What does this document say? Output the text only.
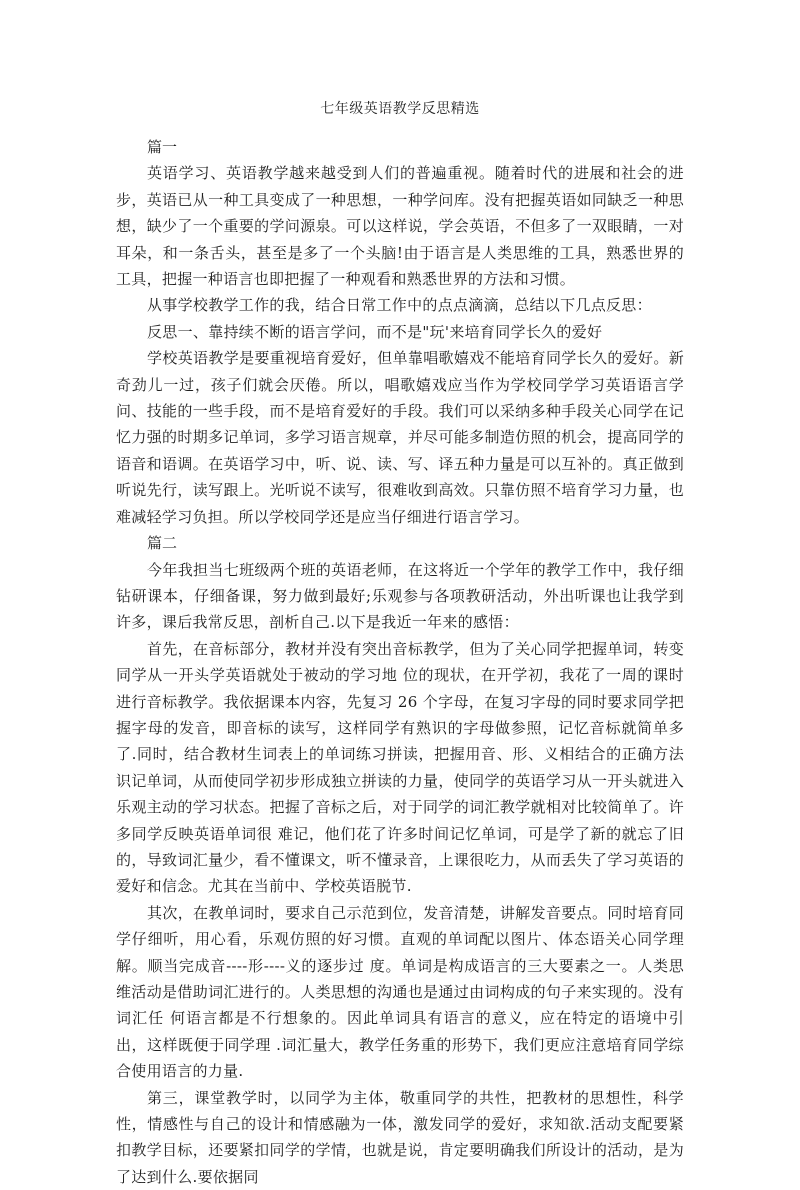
七年级英语教学反思精选
篇一

英语学习、英语教学越来越受到人们的普遍重视。随着时代的进展和社会的进步，英语已从一种工具变成了一种思想，一种学问库。没有把握英语如同缺乏一种思想，缺少了一个重要的学问源泉。可以这样说，学会英语，不但多了一双眼睛，一对耳朵，和一条舌头，甚至是多了一个头脑!由于语言是人类思维的工具，熟悉世界的工具，把握一种语言也即把握了一种观看和熟悉世界的方法和习惯。

从事学校教学工作的我，结合日常工作中的点点滴滴，总结以下几点反思：

反思一、靠持续不断的语言学问，而不是"玩'来培育同学长久的爱好

学校英语教学是要重视培育爱好，但单靠唱歌嬉戏不能培育同学长久的爱好。新奇劲儿一过，孩子们就会厌倦。所以，唱歌嬉戏应当作为学校同学学习英语语言学问、技能的一些手段，而不是培育爱好的手段。我们可以采纳多种手段关心同学在记忆力强的时期多记单词，多学习语言规章，并尽可能多制造仿照的机会，提高同学的语音和语调。在英语学习中，听、说、读、写、译五种力量是可以互补的。真正做到听说先行，读写跟上。光听说不读写，很难收到高效。只靠仿照不培育学习力量，也难减轻学习负担。所以学校同学还是应当仔细进行语言学习。

篇二

今年我担当七班级两个班的英语老师，在这将近一个学年的教学工作中，我仔细钻研课本，仔细备课，努力做到最好;乐观参与各项教研活动，外出听课也让我学到许多，课后我常反思，剖析自己.以下是我近一年来的感悟：

首先，在音标部分，教材并没有突出音标教学，但为了关心同学把握单词，转变同学从一开头学英语就处于被动的学习地 位的现状，在开学初，我花了一周的课时进行音标教学。我依据课本内容，先复习 26 个字母，在复习字母的同时要求同学把握字母的发音，即音标的读写，这样同学有熟识的字母做参照，记忆音标就简单多了.同时，结合教材生词表上的单词练习拼读，把握用音、形、义相结合的正确方法识记单词，从而使同学初步形成独立拼读的力量，使同学的英语学习从一开头就进入乐观主动的学习状态。把握了音标之后，对于同学的词汇教学就相对比较简单了。许多同学反映英语单词很 难记，他们花了许多时间记忆单词，可是学了新的就忘了旧的，导致词汇量少，看不懂课文，听不懂录音，上课很吃力，从而丢失了学习英语的爱好和信念。尤其在当前中、学校英语脱节.

其次，在教单词时，要求自己示范到位，发音清楚，讲解发音要点。同时培育同学仔细听，用心看，乐观仿照的好习惯。直观的单词配以图片、体态语关心同学理解。顺当完成音----形----义的逐步过 度。单词是构成语言的三大要素之一。人类思维活动是借助词汇进行的。人类思想的沟通也是通过由词构成的句子来实现的。没有词汇任 何语言都是不行想象的。因此单词具有语言的意义，应在特定的语境中引出，这样既便于同学理 .词汇量大，教学任务重的形势下，我们更应注意培育同学综合使用语言的力量.

第三，课堂教学时，以同学为主体，敬重同学的共性，把教材的思想性，科学性，情感性与自己的设计和情感融为一体，激发同学的爱好，求知欲.活动支配要紧扣教学目标，还要紧扣同学的学情，也就是说，肯定要明确我们所设计的活动，是为了达到什么.要依据同
